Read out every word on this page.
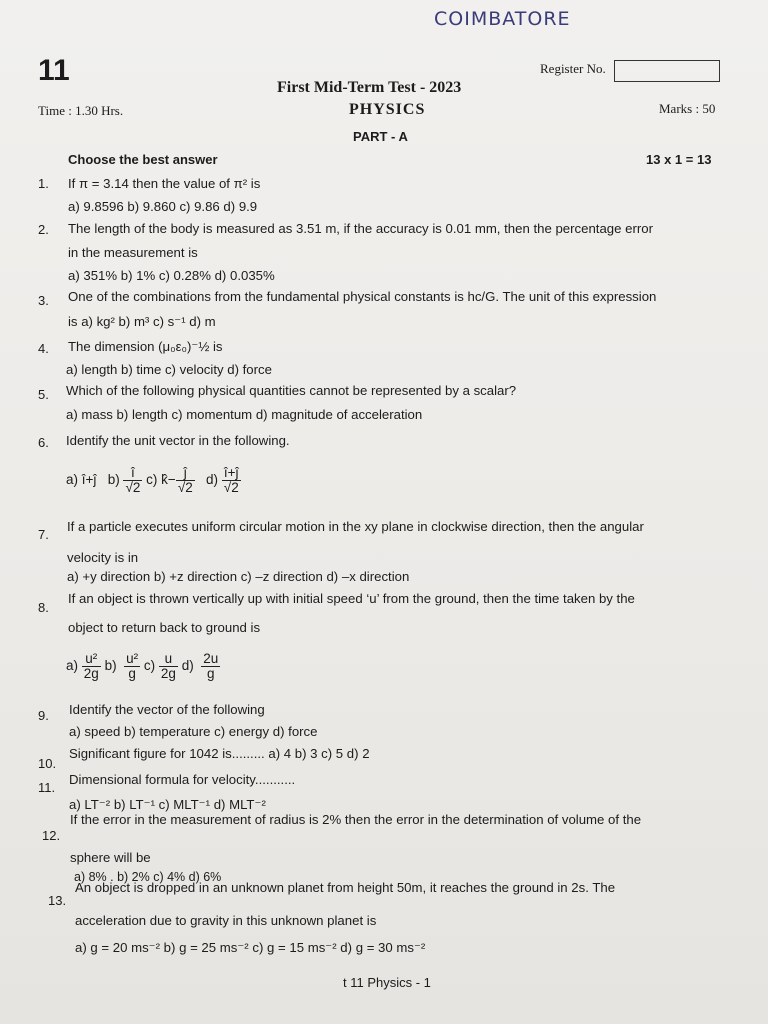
COIMBATORE
11	Register No.
First Mid-Term Test - 2023
PHYSICS
Time : 1.30 Hrs.	Marks : 50
PART - A
Choose the best answer	13 x 1 = 13
1. If π = 3.14 then the value of π² is
a) 9.8596 b) 9.860 c) 9.86 d) 9.9
2. The length of the body is measured as 3.51 m, if the accuracy is 0.01 mm, then the percentage error
in the measurement is
a) 351% b) 1% c) 0.28% d) 0.035%
3. One of the combinations from the fundamental physical constants is hc/G. The unit of this expression
is a) kg² b) m³ c) s⁻¹ d) m
4. The dimension (μ₀ε₀)⁻½ is
a) length b) time c) velocity d) force
5. Which of the following physical quantities cannot be represented by a scalar?
a) mass b) length c) momentum d) magnitude of acceleration
6. Identify the unit vector in the following.
a) î+ĵ $b) \frac{î}{√2} c$) k̂− $\frac{ĵ}{√2} d) \frac{î+ĵ}{√2}$
7.
If a particle executes uniform circular motion in the xy plane in clockwise direction, then the angular
velocity is in
a) +y direction b) +z direction c) –z direction d) –x direction
8.
If an object is thrown vertically up with initial speed ‘u’ from the ground, then the time taken by the
object to return back to ground is
$a) \frac{\text{u²}}{2g} b) \frac{\text{u²}}{g} c) \frac{u}{2g} d) \frac{2u}{g}$
9. Identify the vector of the following
a) speed b) temperature c) energy d) force
10.
Significant figure for 1042 is......... a) 4 b) 3 c) 5 d) 2
11.
Dimensional formula for velocity...........
a) LT⁻² b) LT⁻¹ c) MLT⁻¹ d) MLT⁻²
12.
If the error in the measurement of radius is 2% then the error in the determination of volume of the
sphere will be
a) 8% . b) 2% c) 4% d) 6%
13.
An object is dropped in an unknown planet from height 50m, it reaches the ground in 2s. The
acceleration due to gravity in this unknown planet is
a) g = 20 ms⁻² b) g = 25 ms⁻² c) g = 15 ms⁻² d) g = 30 ms⁻²
t 11 Physics - 1
